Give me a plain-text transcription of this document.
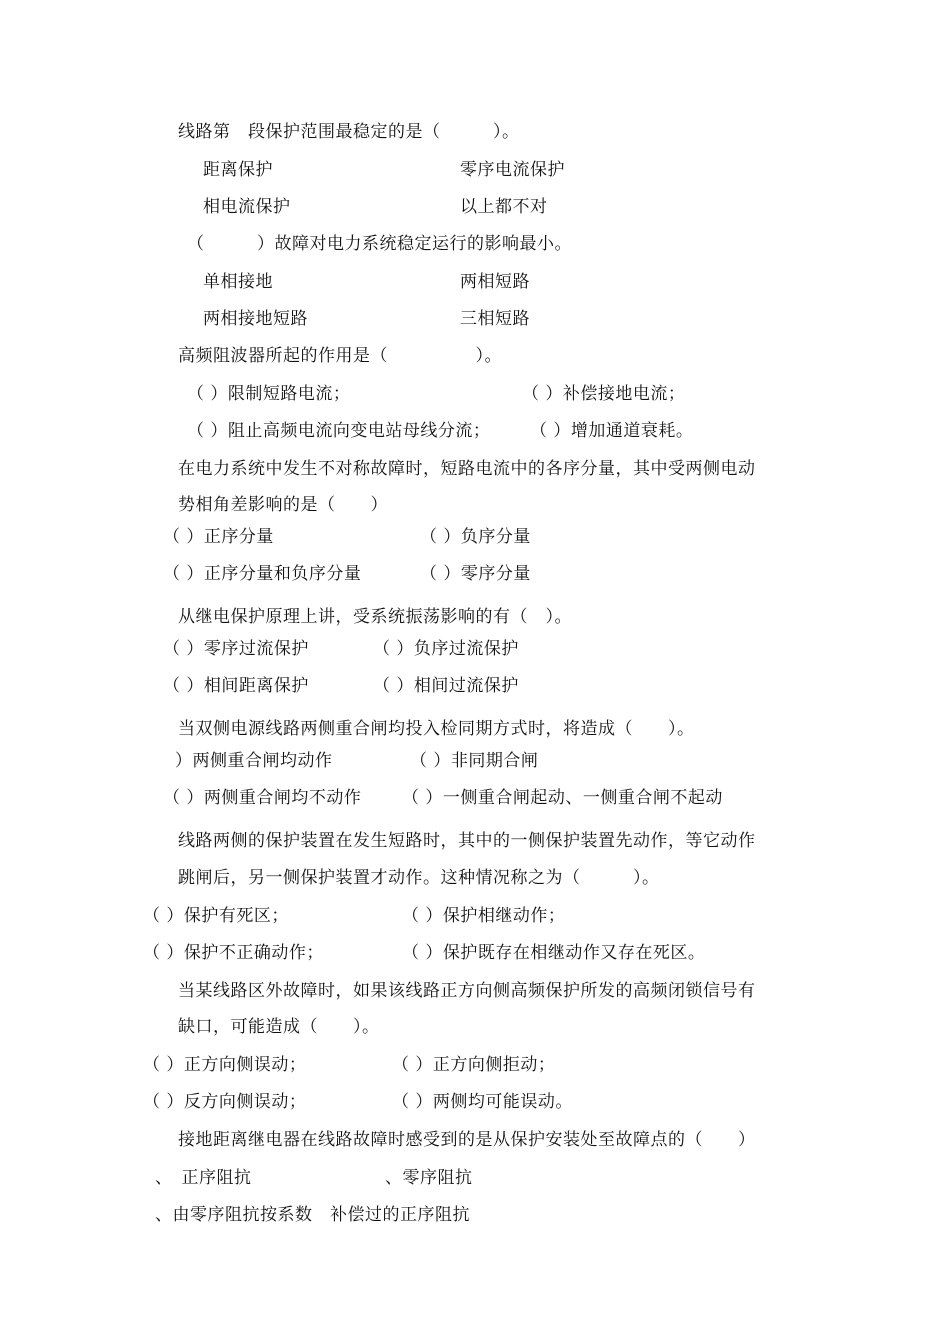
线路第　段保护范围最稳定的是（　　　）。
距离保护	零序电流保护
相电流保护	以上都不对
（　　　）故障对电力系统稳定运行的影响最小。
单相接地	两相短路
两相接地短路	三相短路
高频阻波器所起的作用是（　　　　　）。
（ ）限制短路电流；	（ ）补偿接地电流；
（ ）阻止高频电流向变电站母线分流； （ ）增加通道衰耗。
在电力系统中发生不对称故障时，短路电流中的各序分量，其中受两侧电动
势相角差影响的是（　　）
（ ）正序分量	（ ）负序分量
（ ）正序分量和负序分量	（ ）零序分量
从继电保护原理上讲，受系统振荡影响的有（　）。
（ ）零序过流保护	（ ）负序过流保护
（ ）相间距离保护	（ ）相间过流保护
当双侧电源线路两侧重合闸均投入检同期方式时，将造成（　　）。
）两侧重合闸均动作	（ ）非同期合闸
（ ）两侧重合闸均不动作 （ ）一侧重合闸起动、一侧重合闸不起动
线路两侧的保护装置在发生短路时，其中的一侧保护装置先动作，等它动作
跳闸后，另一侧保护装置才动作。这种情况称之为（　　　）。
（ ）保护有死区；	（ ）保护相继动作；
（ ）保护不正确动作；	（ ）保护既存在相继动作又存在死区。
当某线路区外故障时，如果该线路正方向侧高频保护所发的高频闭锁信号有
缺口，可能造成（　　）。
（ ）正方向侧误动；	（ ）正方向侧拒动；
（ ）反方向侧误动；	（ ）两侧均可能误动。
接地距离继电器在线路故障时感受到的是从保护安装处至故障点的（　　）
、　正序阻抗	、零序阻抗
、由零序阻抗按系数　补偿过的正序阻抗
